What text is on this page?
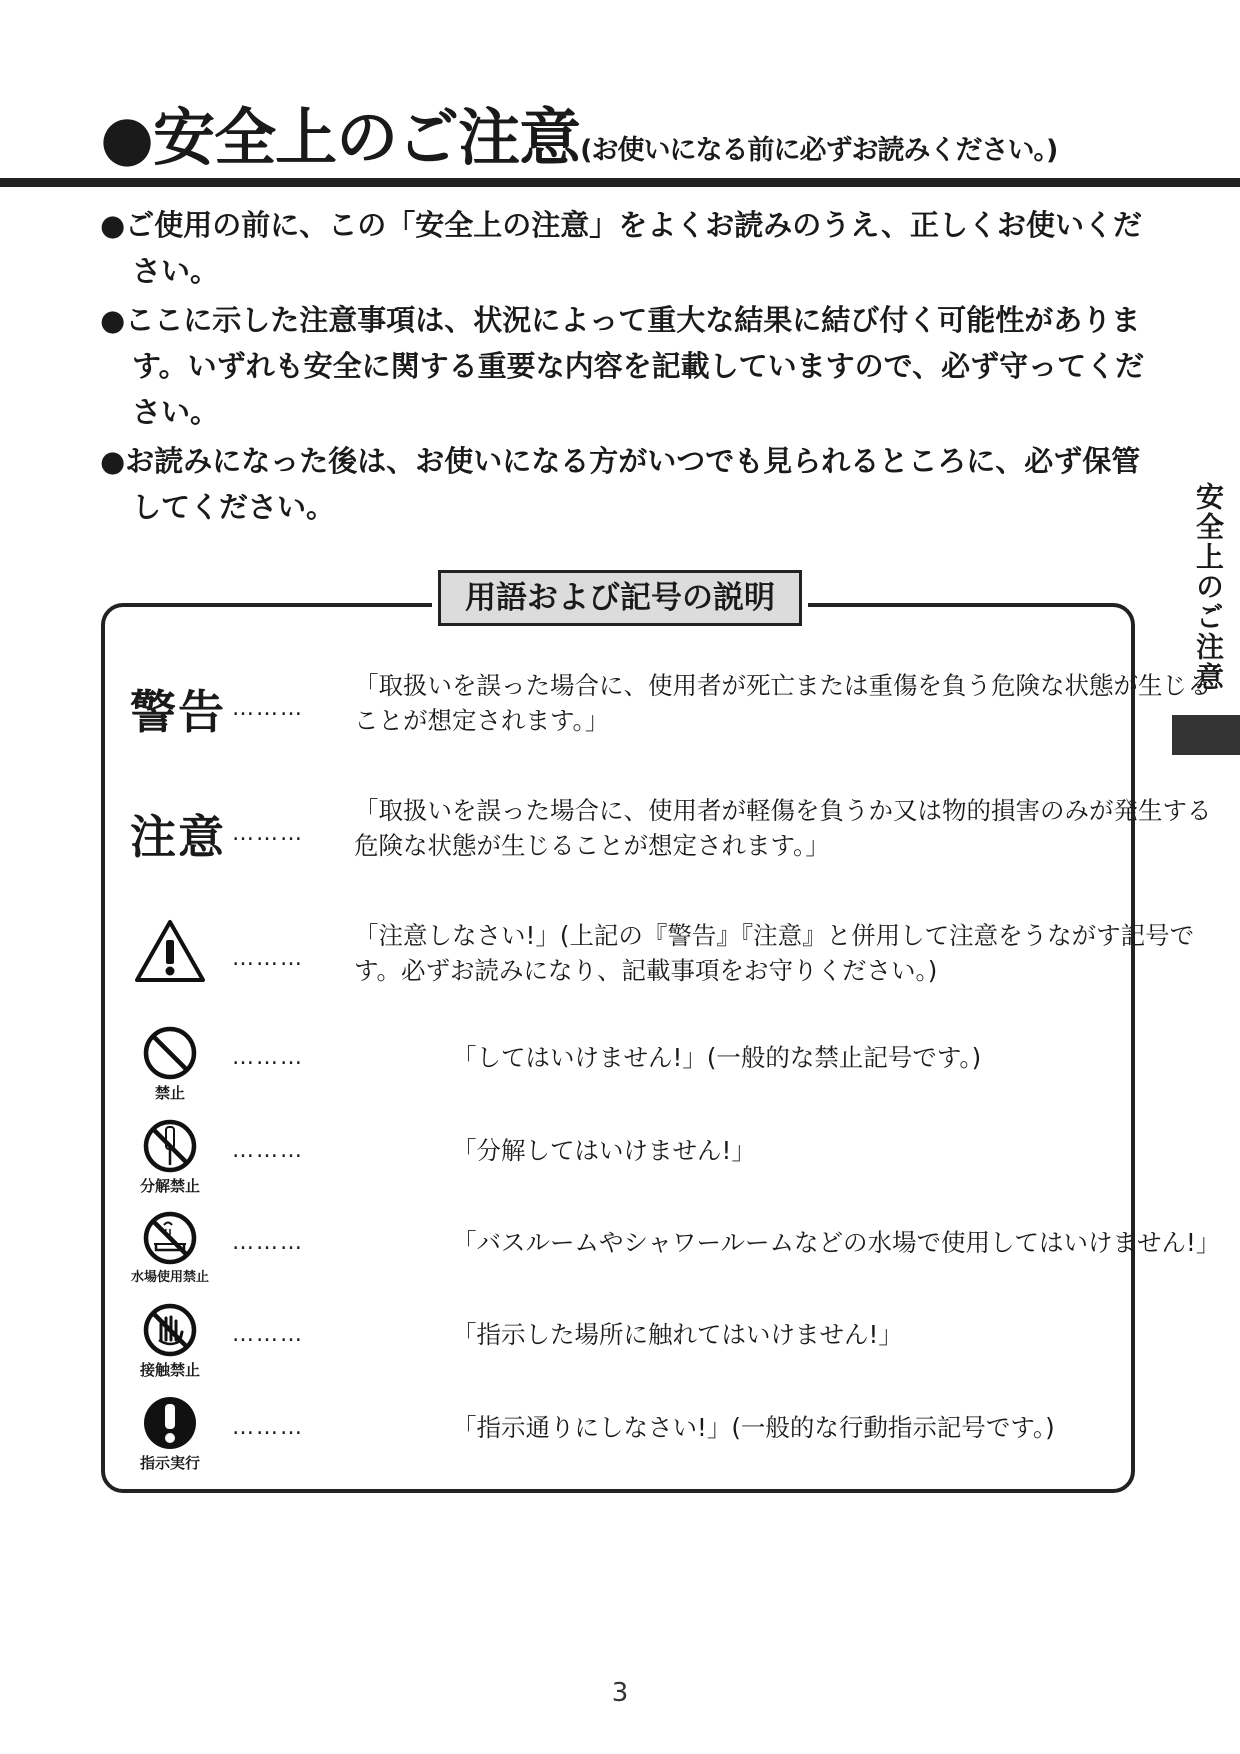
●安全上のご注意(お使いになる前に必ずお読みください。)
●ご使用の前に、この「安全上の注意」をよくお読みのうえ、正しくお使いください。
●ここに示した注意事項は、状況によって重大な結果に結び付く可能性があります。いずれも安全に関する重要な内容を記載していますので、必ず守ってください。
●お読みになった後は、お使いになる方がいつでも見られるところに、必ず保管してください。	安全上のご注意
用語および記号の説明
警告 ………
「取扱いを誤った場合に、使用者が死亡または重傷を負う危険な状態が生じることが想定されます。」
注意 ………
「取扱いを誤った場合に、使用者が軽傷を負うか又は物的損害のみが発生する危険な状態が生じることが想定されます。」
………
「注意しなさい!」(上記の『警告』『注意』と併用して注意をうながす記号です。必ずお読みになり、記載事項をお守りください。)
禁止
………	「してはいけません!」(一般的な禁止記号です。)
分解禁止
………	「分解してはいけません!」
水場使用禁止
………	「バスルームやシャワールームなどの水場で使用してはいけません!」
接触禁止
………	「指示した場所に触れてはいけません!」
指示実行
………	「指示通りにしなさい!」(一般的な行動指示記号です。)
3
